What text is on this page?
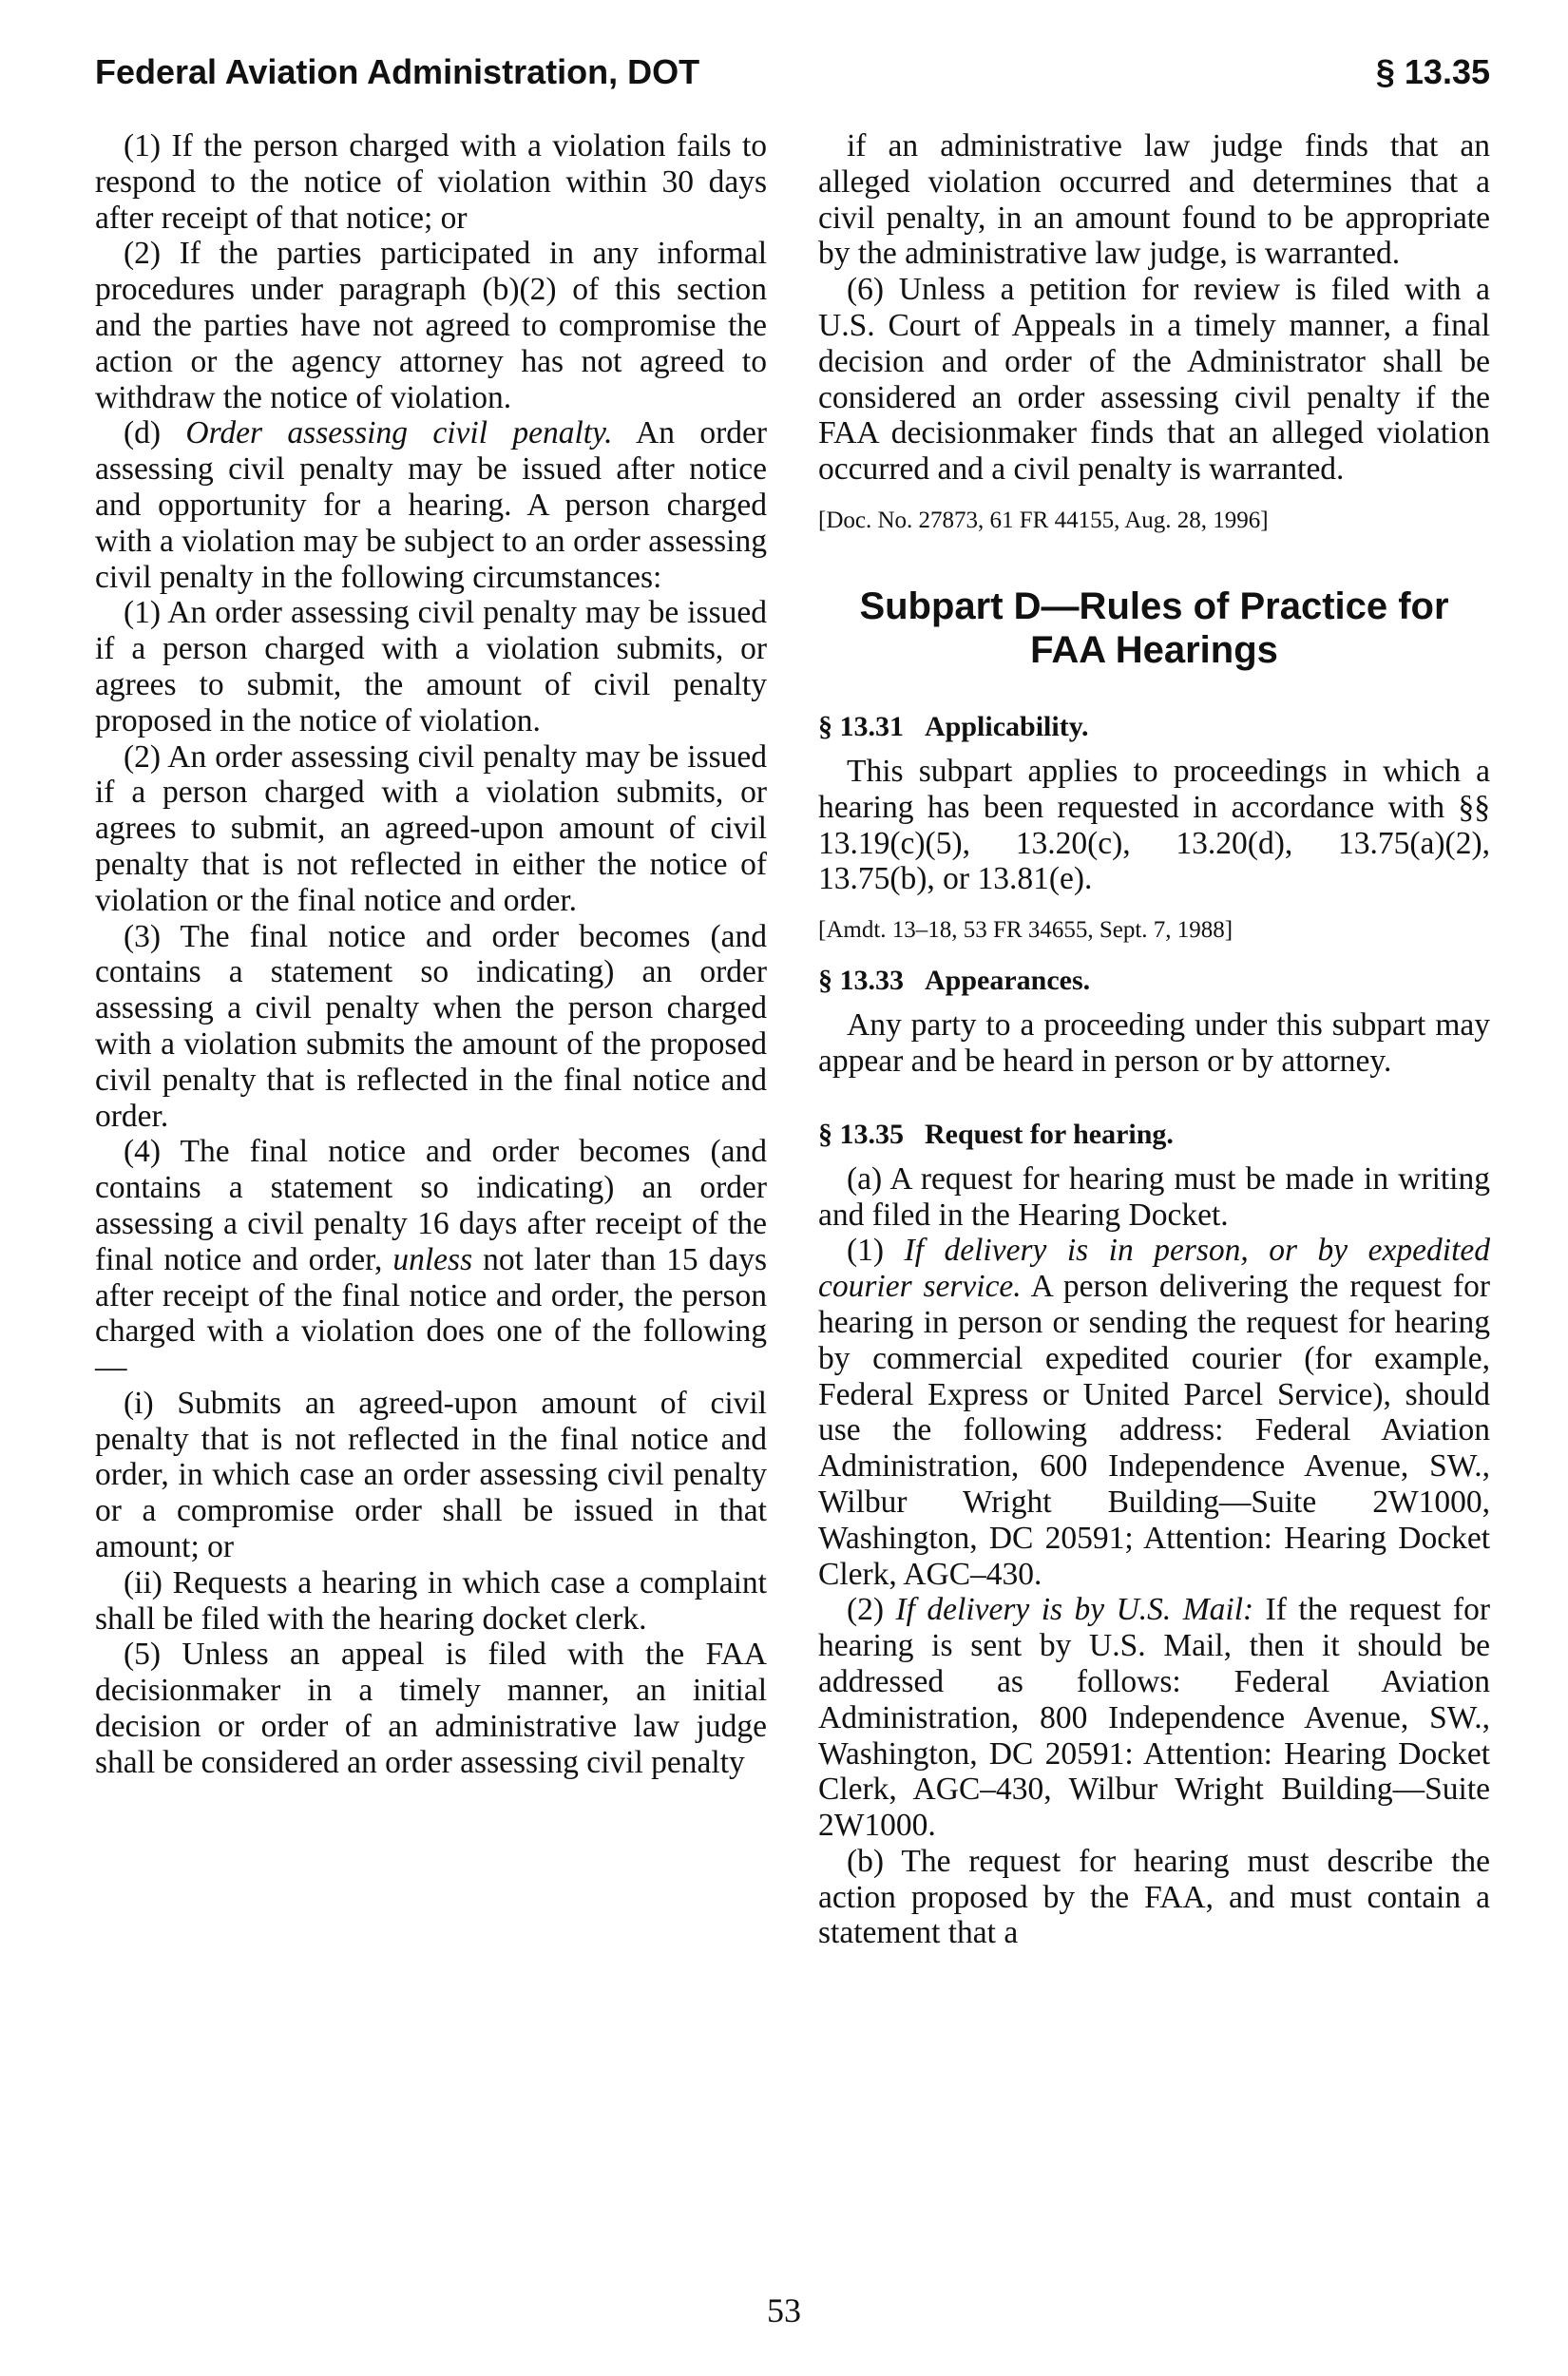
Federal Aviation Administration, DOT	§ 13.35

(1) If the person charged with a violation fails to respond to the notice of violation within 30 days after receipt of that notice; or

(2) If the parties participated in any informal procedures under paragraph (b)(2) of this section and the parties have not agreed to compromise the action or the agency attorney has not agreed to withdraw the notice of violation.

(d) Order assessing civil penalty. An order assessing civil penalty may be issued after notice and opportunity for a hearing. A person charged with a violation may be subject to an order assessing civil penalty in the following circumstances:

(1) An order assessing civil penalty may be issued if a person charged with a violation submits, or agrees to submit, the amount of civil penalty proposed in the notice of violation.

(2) An order assessing civil penalty may be issued if a person charged with a violation submits, or agrees to submit, an agreed-upon amount of civil penalty that is not reflected in either the notice of violation or the final notice and order.

(3) The final notice and order becomes (and contains a statement so indicating) an order assessing a civil penalty when the person charged with a violation submits the amount of the proposed civil penalty that is reflected in the final notice and order.

(4) The final notice and order becomes (and contains a statement so indicating) an order assessing a civil penalty 16 days after receipt of the final notice and order, unless not later than 15 days after receipt of the final notice and order, the person charged with a violation does one of the following—

(i) Submits an agreed-upon amount of civil penalty that is not reflected in the final notice and order, in which case an order assessing civil penalty or a compromise order shall be issued in that amount; or

(ii) Requests a hearing in which case a complaint shall be filed with the hearing docket clerk.

(5) Unless an appeal is filed with the FAA decisionmaker in a timely manner, an initial decision or order of an administrative law judge shall be considered an order assessing civil penalty

if an administrative law judge finds that an alleged violation occurred and determines that a civil penalty, in an amount found to be appropriate by the administrative law judge, is warranted.

(6) Unless a petition for review is filed with a U.S. Court of Appeals in a timely manner, a final decision and order of the Administrator shall be considered an order assessing civil penalty if the FAA decisionmaker finds that an alleged violation occurred and a civil penalty is warranted.

[Doc. No. 27873, 61 FR 44155, Aug. 28, 1996]

Subpart D—Rules of Practice for
FAA Hearings
§ 13.31 Applicability.

This subpart applies to proceedings in which a hearing has been requested in accordance with §§ 13.19(c)(5), 13.20(c), 13.20(d), 13.75(a)(2), 13.75(b), or 13.81(e).

[Amdt. 13–18, 53 FR 34655, Sept. 7, 1988]

§ 13.33 Appearances.

Any party to a proceeding under this subpart may appear and be heard in person or by attorney.

§ 13.35 Request for hearing.

(a) A request for hearing must be made in writing and filed in the Hearing Docket.

(1) If delivery is in person, or by expedited courier service. A person delivering the request for hearing in person or sending the request for hearing by commercial expedited courier (for example, Federal Express or United Parcel Service), should use the following address: Federal Aviation Administration, 600 Independence Avenue, SW., Wilbur Wright Building—Suite 2W1000, Washington, DC 20591; Attention: Hearing Docket Clerk, AGC–430.

(2) If delivery is by U.S. Mail: If the request for hearing is sent by U.S. Mail, then it should be addressed as follows: Federal Aviation Administration, 800 Independence Avenue, SW., Washington, DC 20591: Attention: Hearing Docket Clerk, AGC–430, Wilbur Wright Building—Suite 2W1000.

(b) The request for hearing must describe the action proposed by the FAA, and must contain a statement that a

53
